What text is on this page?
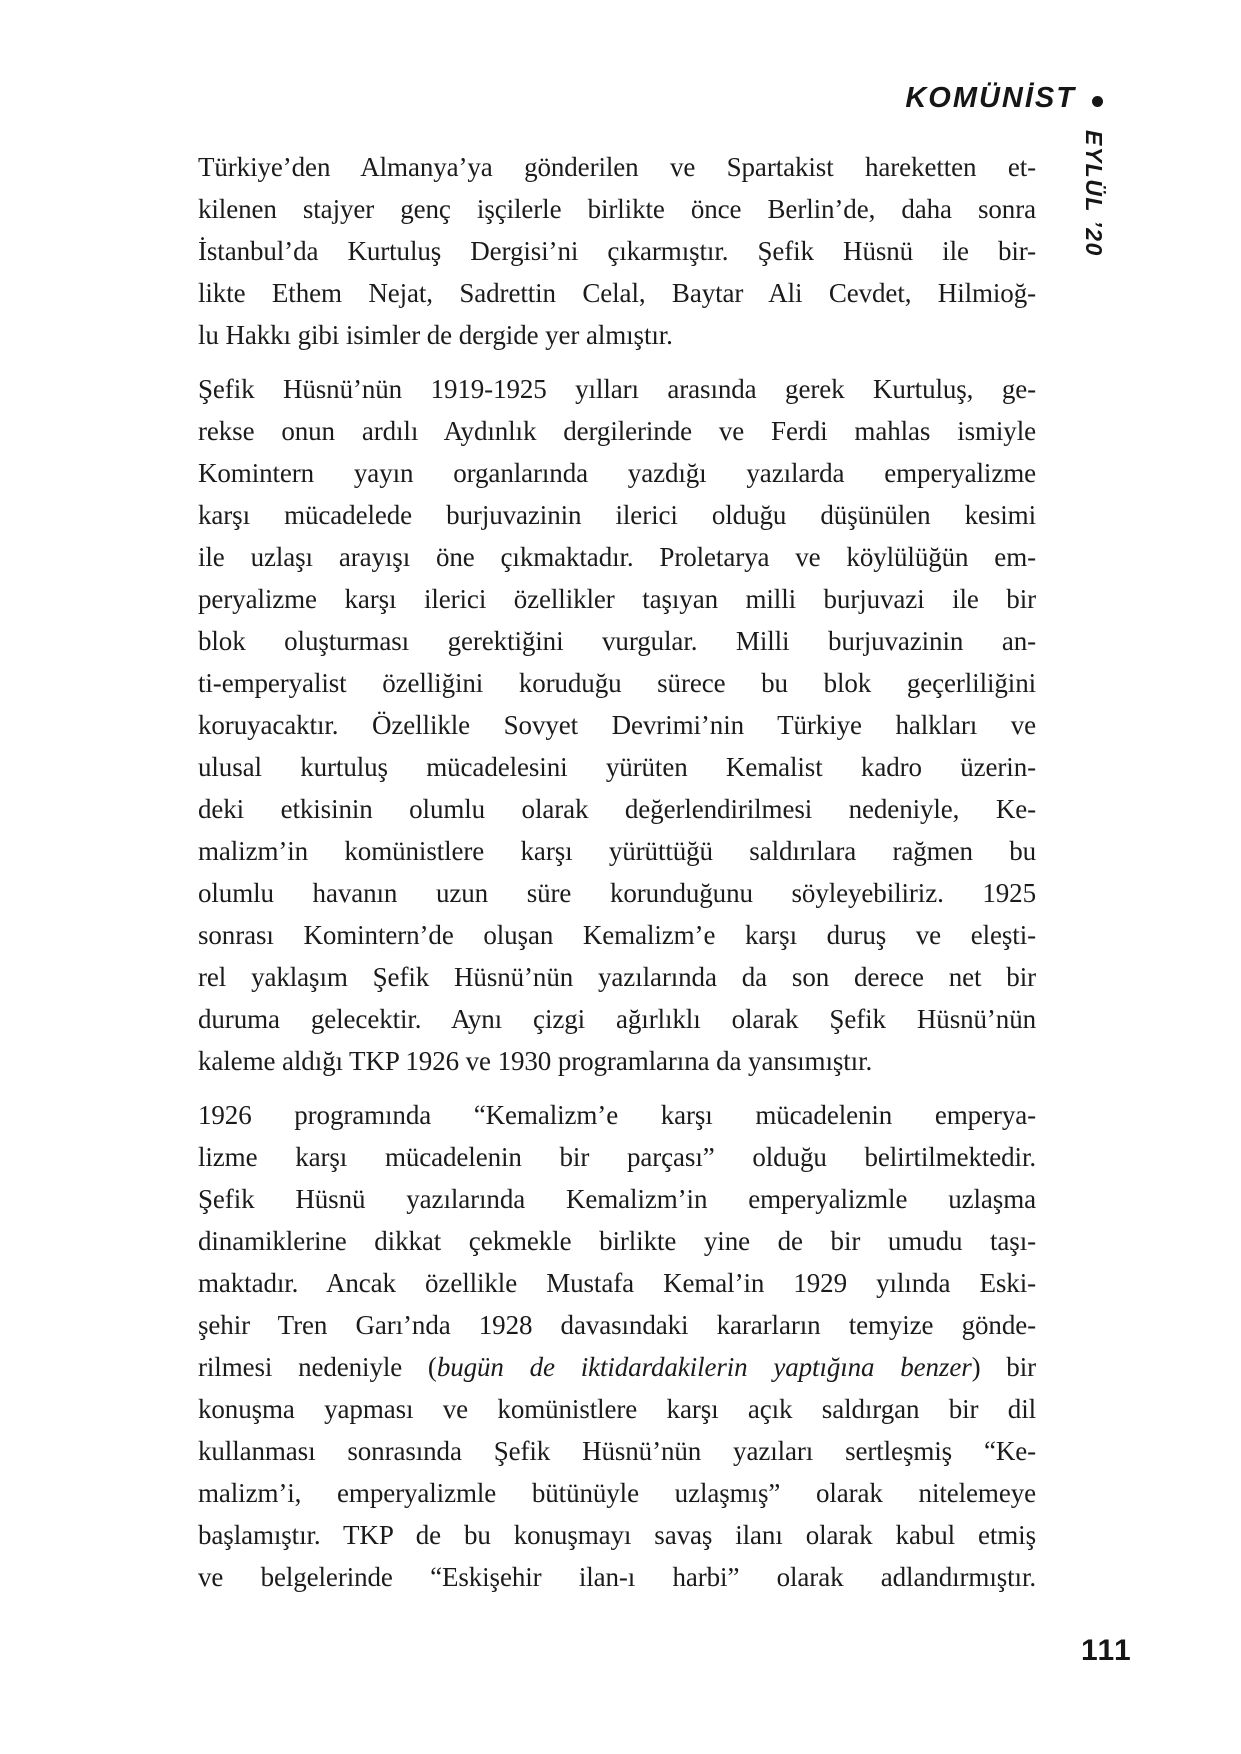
KOMÜNİST
EYLÜL ’20
Türkiye’den Almanya’ya gönderilen ve Spartakist hareketten et-
kilenen stajyer genç işçilerle birlikte önce Berlin’de, daha sonra
İstanbul’da Kurtuluş Dergisi’ni çıkarmıştır. Şefik Hüsnü ile bir-
likte Ethem Nejat, Sadrettin Celal, Baytar Ali Cevdet, Hilmioğ-
lu Hakkı gibi isimler de dergide yer almıştır.
Şefik Hüsnü’nün 1919-1925 yılları arasında gerek Kurtuluş, ge-
rekse onun ardılı Aydınlık dergilerinde ve Ferdi mahlas ismiyle
Komintern yayın organlarında yazdığı yazılarda emperyalizme
karşı mücadelede burjuvazinin ilerici olduğu düşünülen kesimi
ile uzlaşı arayışı öne çıkmaktadır. Proletarya ve köylülüğün em-
peryalizme karşı ilerici özellikler taşıyan milli burjuvazi ile bir
blok oluşturması gerektiğini vurgular. Milli burjuvazinin an-
ti-emperyalist özelliğini koruduğu sürece bu blok geçerliliğini
koruyacaktır. Özellikle Sovyet Devrimi’nin Türkiye halkları ve
ulusal kurtuluş mücadelesini yürüten Kemalist kadro üzerin-
deki etkisinin olumlu olarak değerlendirilmesi nedeniyle, Ke-
malizm’in komünistlere karşı yürüttüğü saldırılara rağmen bu
olumlu havanın uzun süre korunduğunu söyleyebiliriz. 1925
sonrası Komintern’de oluşan Kemalizm’e karşı duruş ve eleşti-
rel yaklaşım Şefik Hüsnü’nün yazılarında da son derece net bir
duruma gelecektir. Aynı çizgi ağırlıklı olarak Şefik Hüsnü’nün
kaleme aldığı TKP 1926 ve 1930 programlarına da yansımıştır.
1926 programında “Kemalizm’e karşı mücadelenin emperya-
lizme karşı mücadelenin bir parçası” olduğu belirtilmektedir.
Şefik Hüsnü yazılarında Kemalizm’in emperyalizmle uzlaşma
dinamiklerine dikkat çekmekle birlikte yine de bir umudu taşı-
maktadır. Ancak özellikle Mustafa Kemal’in 1929 yılında Eski-
şehir Tren Garı’nda 1928 davasındaki kararların temyize gönde-
rilmesi nedeniyle (bugün de iktidardakilerin yaptığına benzer) bir
konuşma yapması ve komünistlere karşı açık saldırgan bir dil
kullanması sonrasında Şefik Hüsnü’nün yazıları sertleşmiş “Ke-
malizm’i, emperyalizmle bütünüyle uzlaşmış” olarak nitelemeye
başlamıştır. TKP de bu konuşmayı savaş ilanı olarak kabul etmiş
ve belgelerinde “Eskişehir ilan-ı harbi” olarak adlandırmıştır.
111
